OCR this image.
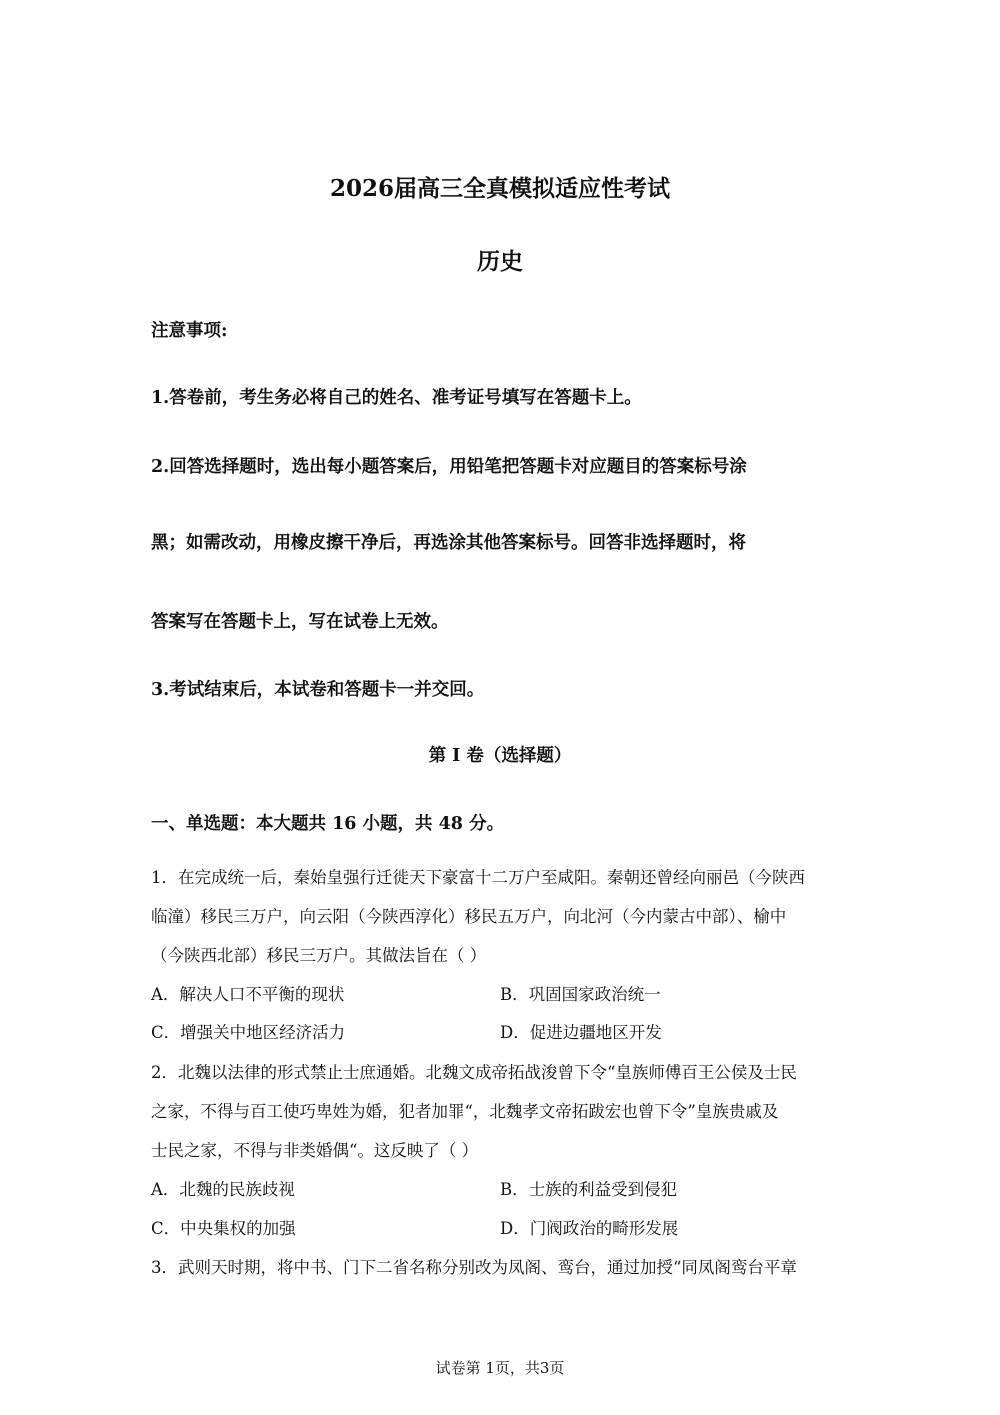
2026届高三全真模拟适应性考试
历史
注意事项:
1.答卷前，考生务必将自己的姓名、准考证号填写在答题卡上。
2.回答选择题时，选出每小题答案后，用铅笔把答题卡对应题目的答案标号涂
黑；如需改动，用橡皮擦干净后，再选涂其他答案标号。回答非选择题时，将
答案写在答题卡上，写在试卷上无效。
3.考试结束后，本试卷和答题卡一并交回。
第 I 卷（选择题）
一、单选题：本大题共 16 小题，共 48 分。
1．在完成统一后，秦始皇强行迁徙天下豪富十二万户至咸阳。秦朝还曾经向丽邑（今陕西
临潼）移民三万户，向云阳（今陕西淳化）移民五万户，向北河（今内蒙古中部）、榆中
（今陕西北部）移民三万户。其做法旨在（ ）
A．解决人口不平衡的现状	B．巩固国家政治统一
C．增强关中地区经济活力	D．促进边疆地区开发
2．北魏以法律的形式禁止士庶通婚。北魏文成帝拓战浚曾下令“皇族师傅百王公侯及士民
之家，不得与百工使巧卑姓为婚，犯者加罪“，北魏孝文帝拓跋宏也曾下令”皇族贵戚及
士民之家，不得与非类婚偶“。这反映了（ ）
A．北魏的民族歧视	B．士族的利益受到侵犯
C．中央集权的加强	D．门阀政治的畸形发展
3．武则天时期，将中书、门下二省名称分别改为凤阁、鸾台，通过加授“同凤阁鸾台平章
试卷第 1页，共3页
